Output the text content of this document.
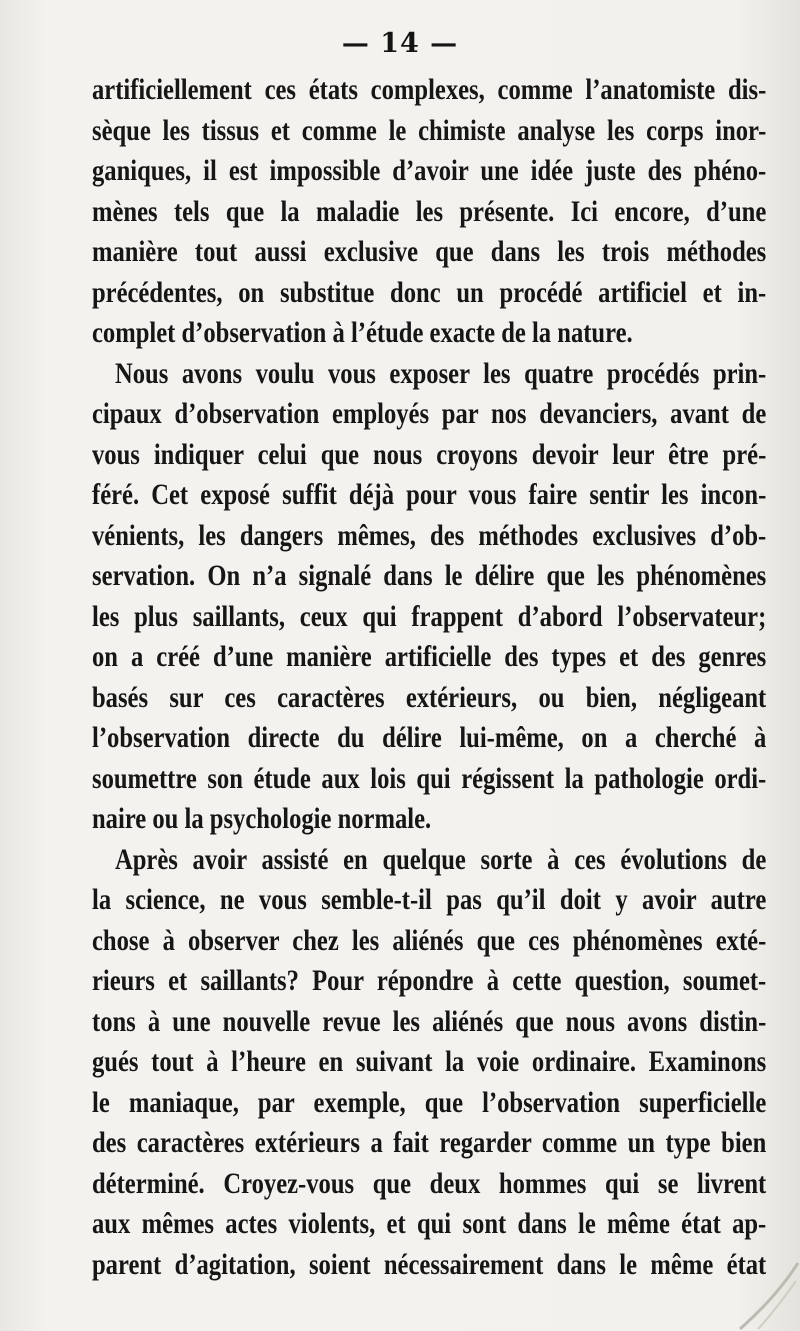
— 14 —
artificiellement ces états complexes, comme l’anatomiste dis-
sèque les tissus et comme le chimiste analyse les corps inor-
ganiques, il est impossible d’avoir une idée juste des phéno-
mènes tels que la maladie les présente. Ici encore, d’une
manière tout aussi exclusive que dans les trois méthodes
précédentes, on substitue donc un procédé artificiel et in-
complet d’observation à l’étude exacte de la nature.
Nous avons voulu vous exposer les quatre procédés prin-
cipaux d’observation employés par nos devanciers, avant de
vous indiquer celui que nous croyons devoir leur être pré-
féré. Cet exposé suffit déjà pour vous faire sentir les incon-
vénients, les dangers mêmes, des méthodes exclusives d’ob-
servation. On n’a signalé dans le délire que les phénomènes
les plus saillants, ceux qui frappent d’abord l’observateur;
on a créé d’une manière artificielle des types et des genres
basés sur ces caractères extérieurs, ou bien, négligeant
l’observation directe du délire lui-même, on a cherché à
soumettre son étude aux lois qui régissent la pathologie ordi-
naire ou la psychologie normale.
Après avoir assisté en quelque sorte à ces évolutions de
la science, ne vous semble-t-il pas qu’il doit y avoir autre
chose à observer chez les aliénés que ces phénomènes exté-
rieurs et saillants? Pour répondre à cette question, soumet-
tons à une nouvelle revue les aliénés que nous avons distin-
gués tout à l’heure en suivant la voie ordinaire. Examinons
le maniaque, par exemple, que l’observation superficielle
des caractères extérieurs a fait regarder comme un type bien
déterminé. Croyez-vous que deux hommes qui se livrent
aux mêmes actes violents, et qui sont dans le même état ap-
parent d’agitation, soient nécessairement dans le même état
